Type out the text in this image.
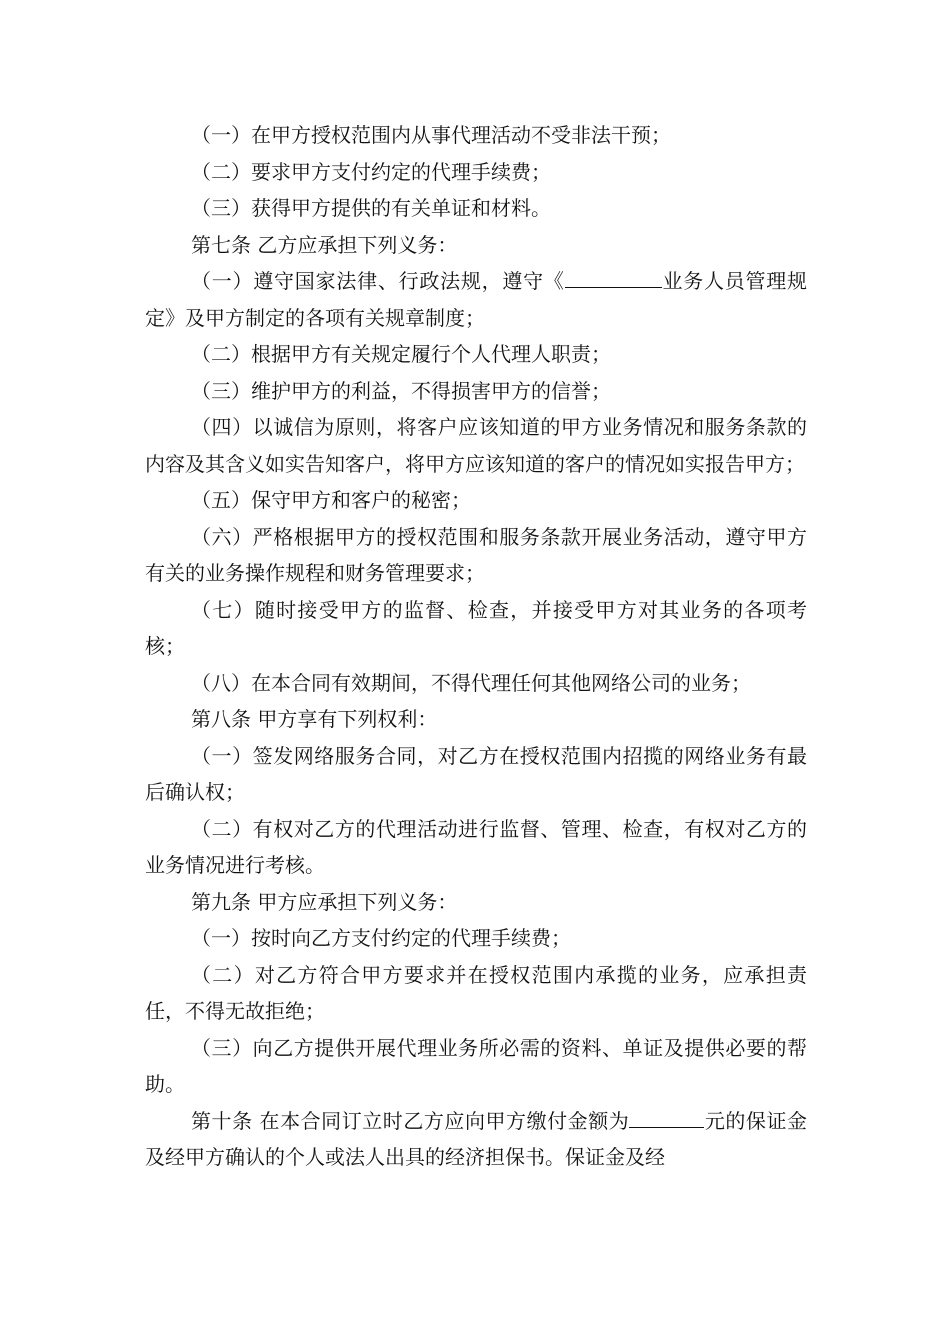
（一）在甲方授权范围内从事代理活动不受非法干预；

（二）要求甲方支付约定的代理手续费；

（三）获得甲方提供的有关单证和材料。

第七条 乙方应承担下列义务：

（一）遵守国家法律、行政法规，遵守《	业务人员管理规定》及甲方制定的各项有关规章制度；

（二）根据甲方有关规定履行个人代理人职责；

（三）维护甲方的利益，不得损害甲方的信誉；

（四）以诚信为原则，将客户应该知道的甲方业务情况和服务条款的内容及其含义如实告知客户，将甲方应该知道的客户的情况如实报告甲方；

（五）保守甲方和客户的秘密；

（六）严格根据甲方的授权范围和服务条款开展业务活动，遵守甲方有关的业务操作规程和财务管理要求；

（七）随时接受甲方的监督、检查，并接受甲方对其业务的各项考核；

（八）在本合同有效期间，不得代理任何其他网络公司的业务；

第八条 甲方享有下列权利：

（一）签发网络服务合同，对乙方在授权范围内招揽的网络业务有最后确认权；

（二）有权对乙方的代理活动进行监督、管理、检查，有权对乙方的业务情况进行考核。

第九条 甲方应承担下列义务：

（一）按时向乙方支付约定的代理手续费；

（二）对乙方符合甲方要求并在授权范围内承揽的业务，应承担责任，不得无故拒绝；

（三）向乙方提供开展代理业务所必需的资料、单证及提供必要的帮助。

第十条 在本合同订立时乙方应向甲方缴付金额为	元的保证金及经甲方确认的个人或法人出具的经济担保书。保证金及经
